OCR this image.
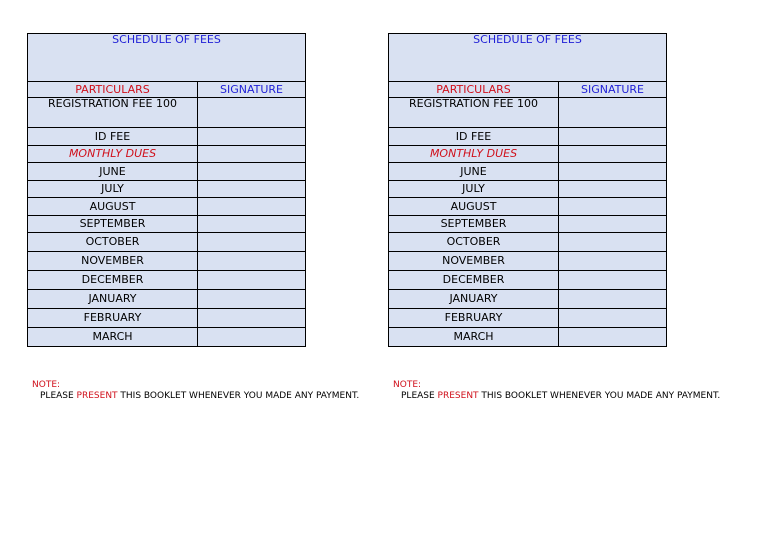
SCHEDULE OF FEES	
PARTICULARS	SIGNATURE
REGISTRATION FEE 100	
ID FEE	
MONTHLY DUES	
JUNE	
JULY	
AUGUST	
SEPTEMBER	
OCTOBER	
NOVEMBER	
DECEMBER	
JANUARY	
FEBRUARY	
MARCH	
SCHEDULE OF FEES	
PARTICULARS	SIGNATURE
REGISTRATION FEE 100	
ID FEE	
MONTHLY DUES	
JUNE	
JULY	
AUGUST	
SEPTEMBER	
OCTOBER	
NOVEMBER	
DECEMBER	
JANUARY	
FEBRUARY	
MARCH	
NOTE:
PLEASE PRESENT THIS BOOKLET WHENEVER YOU MADE ANY PAYMENT.
NOTE:
PLEASE PRESENT THIS BOOKLET WHENEVER YOU MADE ANY PAYMENT.
